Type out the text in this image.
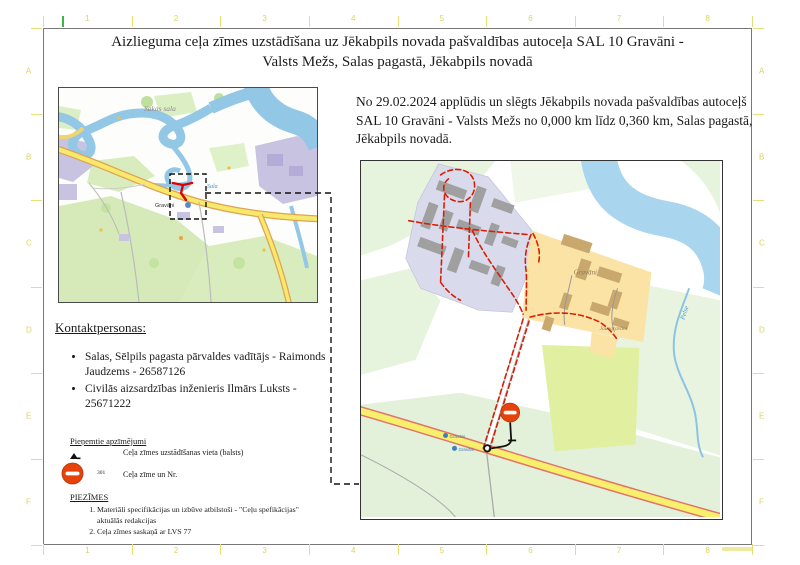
Aizlieguma ceļa zīmes uzstādīšana uz Jēkabpils novada pašvaldības autoceļa SAL 10 Gravāni -
Valsts Mežs, Salas pagastā, Jēkabpils novadā
Sakas sala
Sala
Gravāni
No 29.02.2024 applūdis un slēgts Jēkabpils novada pašvaldības autoceļš SAL 10 Gravāni - Valsts Mežs no 0,000 km līdz 0,360 km, Salas pagastā, Jēkabpils novadā.
Gravāni
Gravāni
Gravāni
Jaungravāni
Pelse
Kontaktpersonas:
• Salas, Sēlpils pagasta pārvaldes vadītājs - Raimonds Jaudzems - 26587126
• Civilās aizsardzības inženieris Ilmārs Luksts - 25671222
Pieņemtie apzīmējumi
Ceļa zīmes uzstādīšanas vieta (balsts)
301 Ceļa zīme un Nr.
PIEZĪMES
1. Materiāli specifikācijas un izbūve atbilstoši - "Ceļu spefikācijas" aktuālās redakcijas
2. Ceļa zīmes saskaņā ar LVS 77
1	2	3	4	5	6	7	8
1	2	3	4	5	6	7	8
A
B
C
D
E
F
A
B
C
D
E
F
